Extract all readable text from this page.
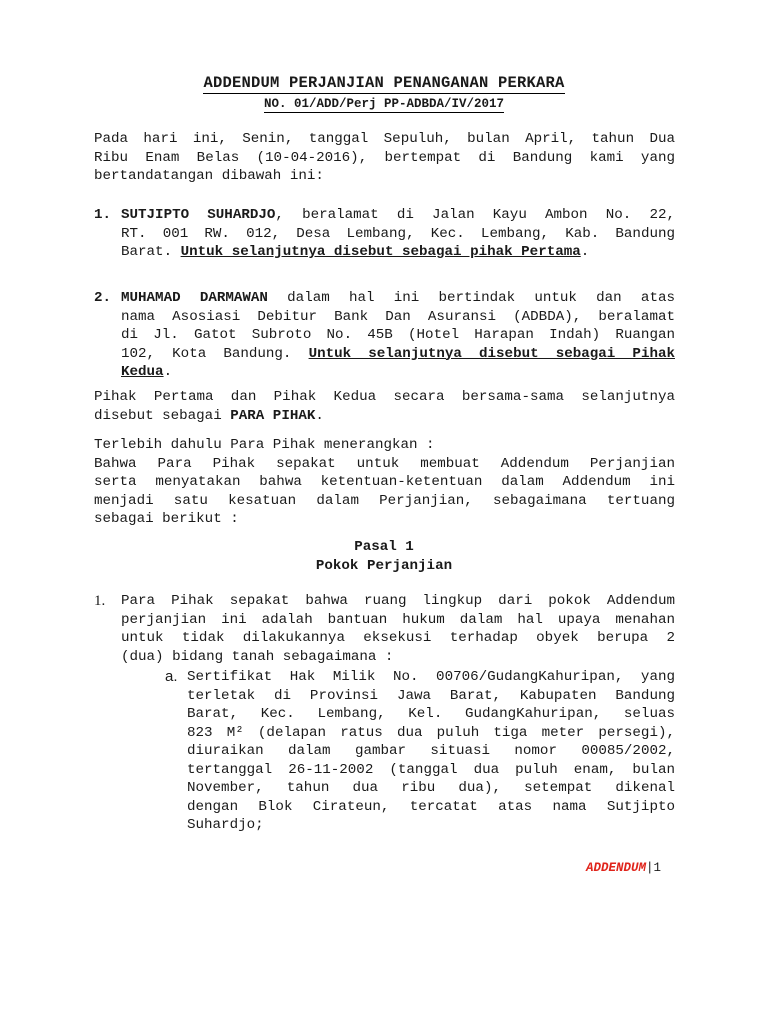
ADDENDUM PERJANJIAN PENANGANAN PERKARA
NO. 01/ADD/Perj PP-ADBDA/IV/2017
Pada hari ini, Senin, tanggal Sepuluh, bulan April, tahun Dua
Ribu Enam Belas (10-04-2016), bertempat di Bandung kami yang
bertandatangan dibawah ini:
1. SUTJIPTO SUHARDJO, beralamat di Jalan Kayu Ambon No. 22,
RT. 001 RW. 012, Desa Lembang, Kec. Lembang, Kab. Bandung
Barat. Untuk selanjutnya disebut sebagai pihak Pertama.
2. MUHAMAD DARMAWAN dalam hal ini bertindak untuk dan atas
nama Asosiasi Debitur Bank Dan Asuransi (ADBDA), beralamat
di Jl. Gatot Subroto No. 45B (Hotel Harapan Indah) Ruangan
102, Kota Bandung. Untuk selanjutnya disebut sebagai Pihak
Kedua.
Pihak Pertama dan Pihak Kedua secara bersama-sama selanjutnya
disebut sebagai PARA PIHAK.
Terlebih dahulu Para Pihak menerangkan :
Bahwa Para Pihak sepakat untuk membuat Addendum Perjanjian
serta menyatakan bahwa ketentuan-ketentuan dalam Addendum ini
menjadi satu kesatuan dalam Perjanjian, sebagaimana tertuang
sebagai berikut :
Pasal 1
Pokok Perjanjian
1.	Para Pihak sepakat bahwa ruang lingkup dari pokok Addendum
perjanjian ini adalah bantuan hukum dalam hal upaya menahan
untuk tidak dilakukannya eksekusi terhadap obyek berupa 2
(dua) bidang tanah sebagaimana :
a. Sertifikat Hak Milik No. 00706/GudangKahuripan, yang
terletak di Provinsi Jawa Barat, Kabupaten Bandung
Barat, Kec. Lembang, Kel. GudangKahuripan, seluas
823 M² (delapan ratus dua puluh tiga meter persegi),
diuraikan dalam gambar situasi nomor 00085/2002,
tertanggal 26-11-2002 (tanggal dua puluh enam, bulan
November, tahun dua ribu dua), setempat dikenal
dengan Blok Cirateun, tercatat atas nama Sutjipto
Suhardjo;
ADDENDUM|1
